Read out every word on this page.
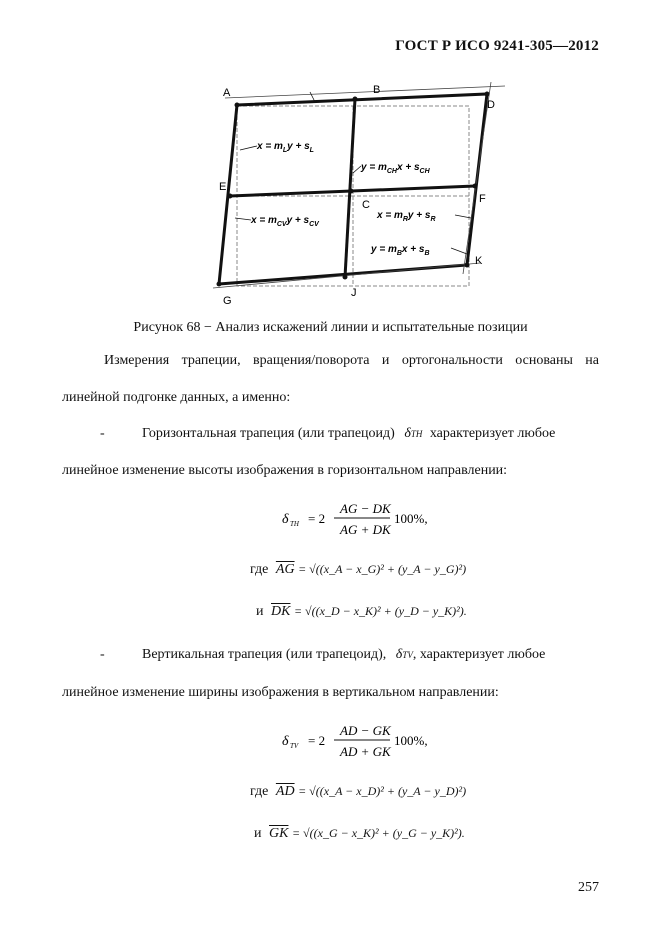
ГОСТ Р ИСО 9241-305—2012
A	B
C
D
E
F
G
J
K
$x = m_Ly + s_L$
$y = m_{CH}x + s_{CH}$
$x = m_{CV}y + s_{CV}$
$x = m_Ry + s_R$
$y = m_Bx + s_B$
Рисунок 68 − Анализ искажений линии и испытательные позиции
Измерения трапеции, вращения/поворота и ортогональности основаны на
линейной подгонке данных, а именно:
-	Горизонтальная трапеция (или трапецоид) δTH характеризует любое
линейное изменение высоты изображения в горизонтальном направлении:
δ TH = 2
AG − DK
AG + DK
100%,
где $\overline{AG}$ = √((x_A − x_G)² + (y_A − y_G)²)
и $\overline{DK}$ = √((x_D − x_K)² + (y_D − y_K)²).
-	Вертикальная трапеция (или трапецоид), δTV, характеризует любое
линейное изменение ширины изображения в вертикальном направлении:
δ TV = 2
AD − GK
AD + GK
100%,
где $\overline{AD}$ = √((x_A − x_D)² + (y_A − y_D)²)
и $\overline{GK}$ = √((x_G − x_K)² + (y_G − y_K)²).
257
